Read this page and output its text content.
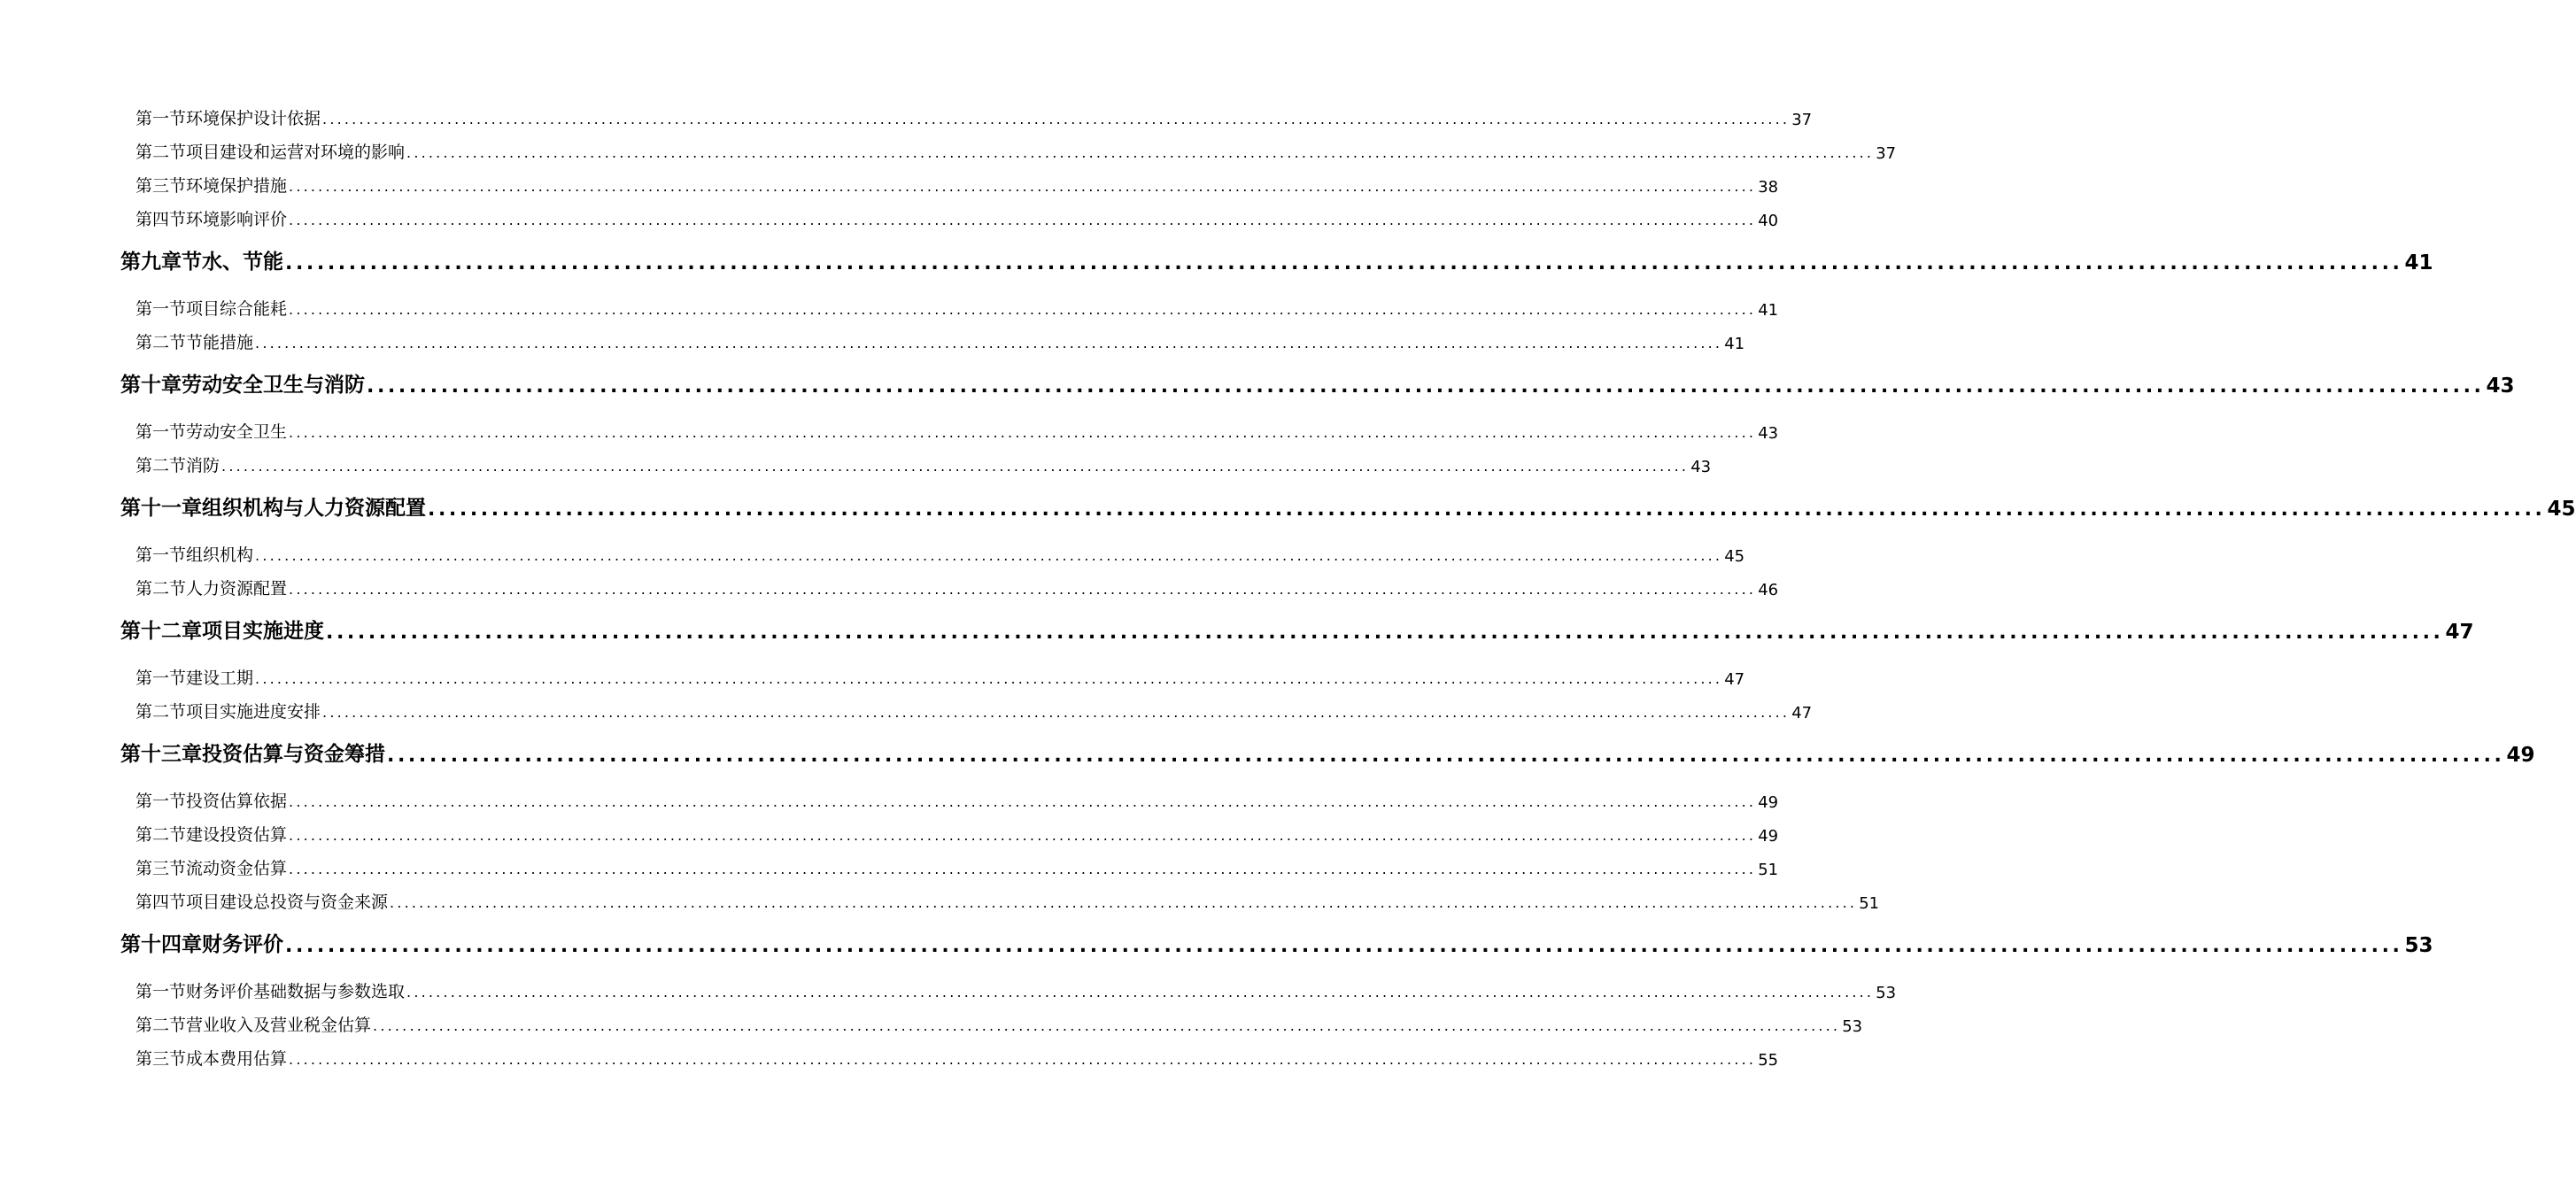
第一节 环境保护设计依据 ........................................................................................................................................................................................................ 37
第二节 项目建设和运营对环境的影响 ........................................................................................................................................................................................................ 37
第三节 环境保护措施 ........................................................................................................................................................................................................ 38
第四节 环境影响评价 ........................................................................................................................................................................................................ 40
第九章 节水、节能 ........................................................................................................................................................................................................ 41
第一节 项目综合能耗 ........................................................................................................................................................................................................ 41
第二节 节能措施 ........................................................................................................................................................................................................ 41
第十章 劳动安全卫生与消防 ........................................................................................................................................................................................................ 43
第一节 劳动安全卫生 ........................................................................................................................................................................................................ 43
第二节 消防 ........................................................................................................................................................................................................ 43
第十一章 组织机构与人力资源配置 ........................................................................................................................................................................................................ 45
第一节 组织机构 ........................................................................................................................................................................................................ 45
第二节 人力资源配置 ........................................................................................................................................................................................................ 46
第十二章 项目实施进度 ........................................................................................................................................................................................................ 47
第一节 建设工期 ........................................................................................................................................................................................................ 47
第二节 项目实施进度安排 ........................................................................................................................................................................................................ 47
第十三章 投资估算与资金筹措 ........................................................................................................................................................................................................ 49
第一节 投资估算依据 ........................................................................................................................................................................................................ 49
第二节 建设投资估算 ........................................................................................................................................................................................................ 49
第三节 流动资金估算 ........................................................................................................................................................................................................ 51
第四节 项目建设总投资与资金来源 ........................................................................................................................................................................................................ 51
第十四章 财务评价 ........................................................................................................................................................................................................ 53
第一节 财务评价基础数据与参数选取 ........................................................................................................................................................................................................ 53
第二节 营业收入及营业税金估算 ........................................................................................................................................................................................................ 53
第三节 成本费用估算 ........................................................................................................................................................................................................ 55
